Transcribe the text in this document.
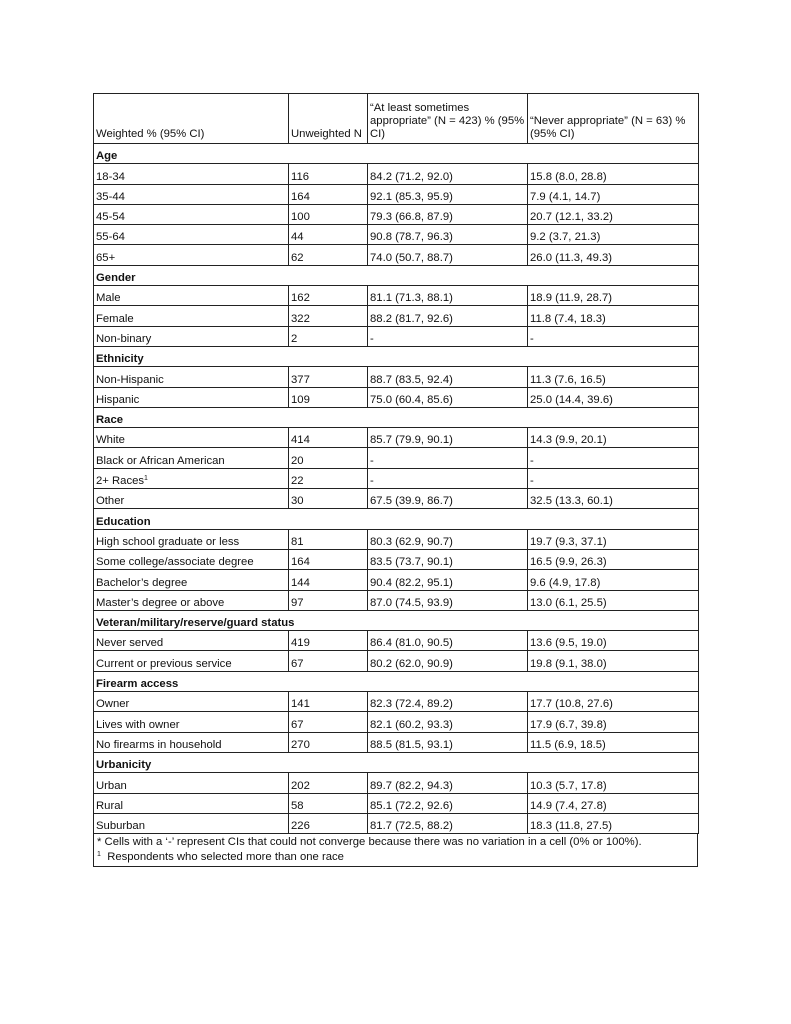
Weighted % (95% CI)	Unweighted N	“At least sometimes appropriate” (N = 423) % (95% CI)	“Never appropriate” (N = 63) % (95% CI)
Age			
18-34	116	84.2 (71.2, 92.0)	15.8 (8.0, 28.8)
35-44	164	92.1 (85.3, 95.9)	7.9 (4.1, 14.7)
45-54	100	79.3 (66.8, 87.9)	20.7 (12.1, 33.2)
55-64	44	90.8 (78.7, 96.3)	9.2 (3.7, 21.3)
65+	62	74.0 (50.7, 88.7)	26.0 (11.3, 49.3)
Gender			
Male	162	81.1 (71.3, 88.1)	18.9 (11.9, 28.7)
Female	322	88.2 (81.7, 92.6)	11.8 (7.4, 18.3)
Non-binary	2	-	-
Ethnicity			
Non-Hispanic	377	88.7 (83.5, 92.4)	11.3 (7.6, 16.5)
Hispanic	109	75.0 (60.4, 85.6)	25.0 (14.4, 39.6)
Race			
White	414	85.7 (79.9, 90.1)	14.3 (9.9, 20.1)
Black or African American	20	-	-
2+ Races$^1$	22	-	-
Other	30	67.5 (39.9, 86.7)	32.5 (13.3, 60.1)
Education			
High school graduate or less	81	80.3 (62.9, 90.7)	19.7 (9.3, 37.1)
Some college/associate degree	164	83.5 (73.7, 90.1)	16.5 (9.9, 26.3)
Bachelor’s degree	144	90.4 (82.2, 95.1)	9.6 (4.9, 17.8)
Master’s degree or above	97	87.0 (74.5, 93.9)	13.0 (6.1, 25.5)
Veteran/military/reserve/guard status			
Never served	419	86.4 (81.0, 90.5)	13.6 (9.5, 19.0)
Current or previous service	67	80.2 (62.0, 90.9)	19.8 (9.1, 38.0)
Firearm access			
Owner	141	82.3 (72.4, 89.2)	17.7 (10.8, 27.6)
Lives with owner	67	82.1 (60.2, 93.3)	17.9 (6.7, 39.8)
No firearms in household	270	88.5 (81.5, 93.1)	11.5 (6.9, 18.5)
Urbanicity			
Urban	202	89.7 (82.2, 94.3)	10.3 (5.7, 17.8)
Rural	58	85.1 (72.2, 92.6)	14.9 (7.4, 27.8)
Suburban	226	81.7 (72.5, 88.2)	18.3 (11.8, 27.5)
* Cells with a ‘-’ represent CIs that could not converge because there was no variation in a cell (0% or 100%).
$^1$ Respondents who selected more than one race
